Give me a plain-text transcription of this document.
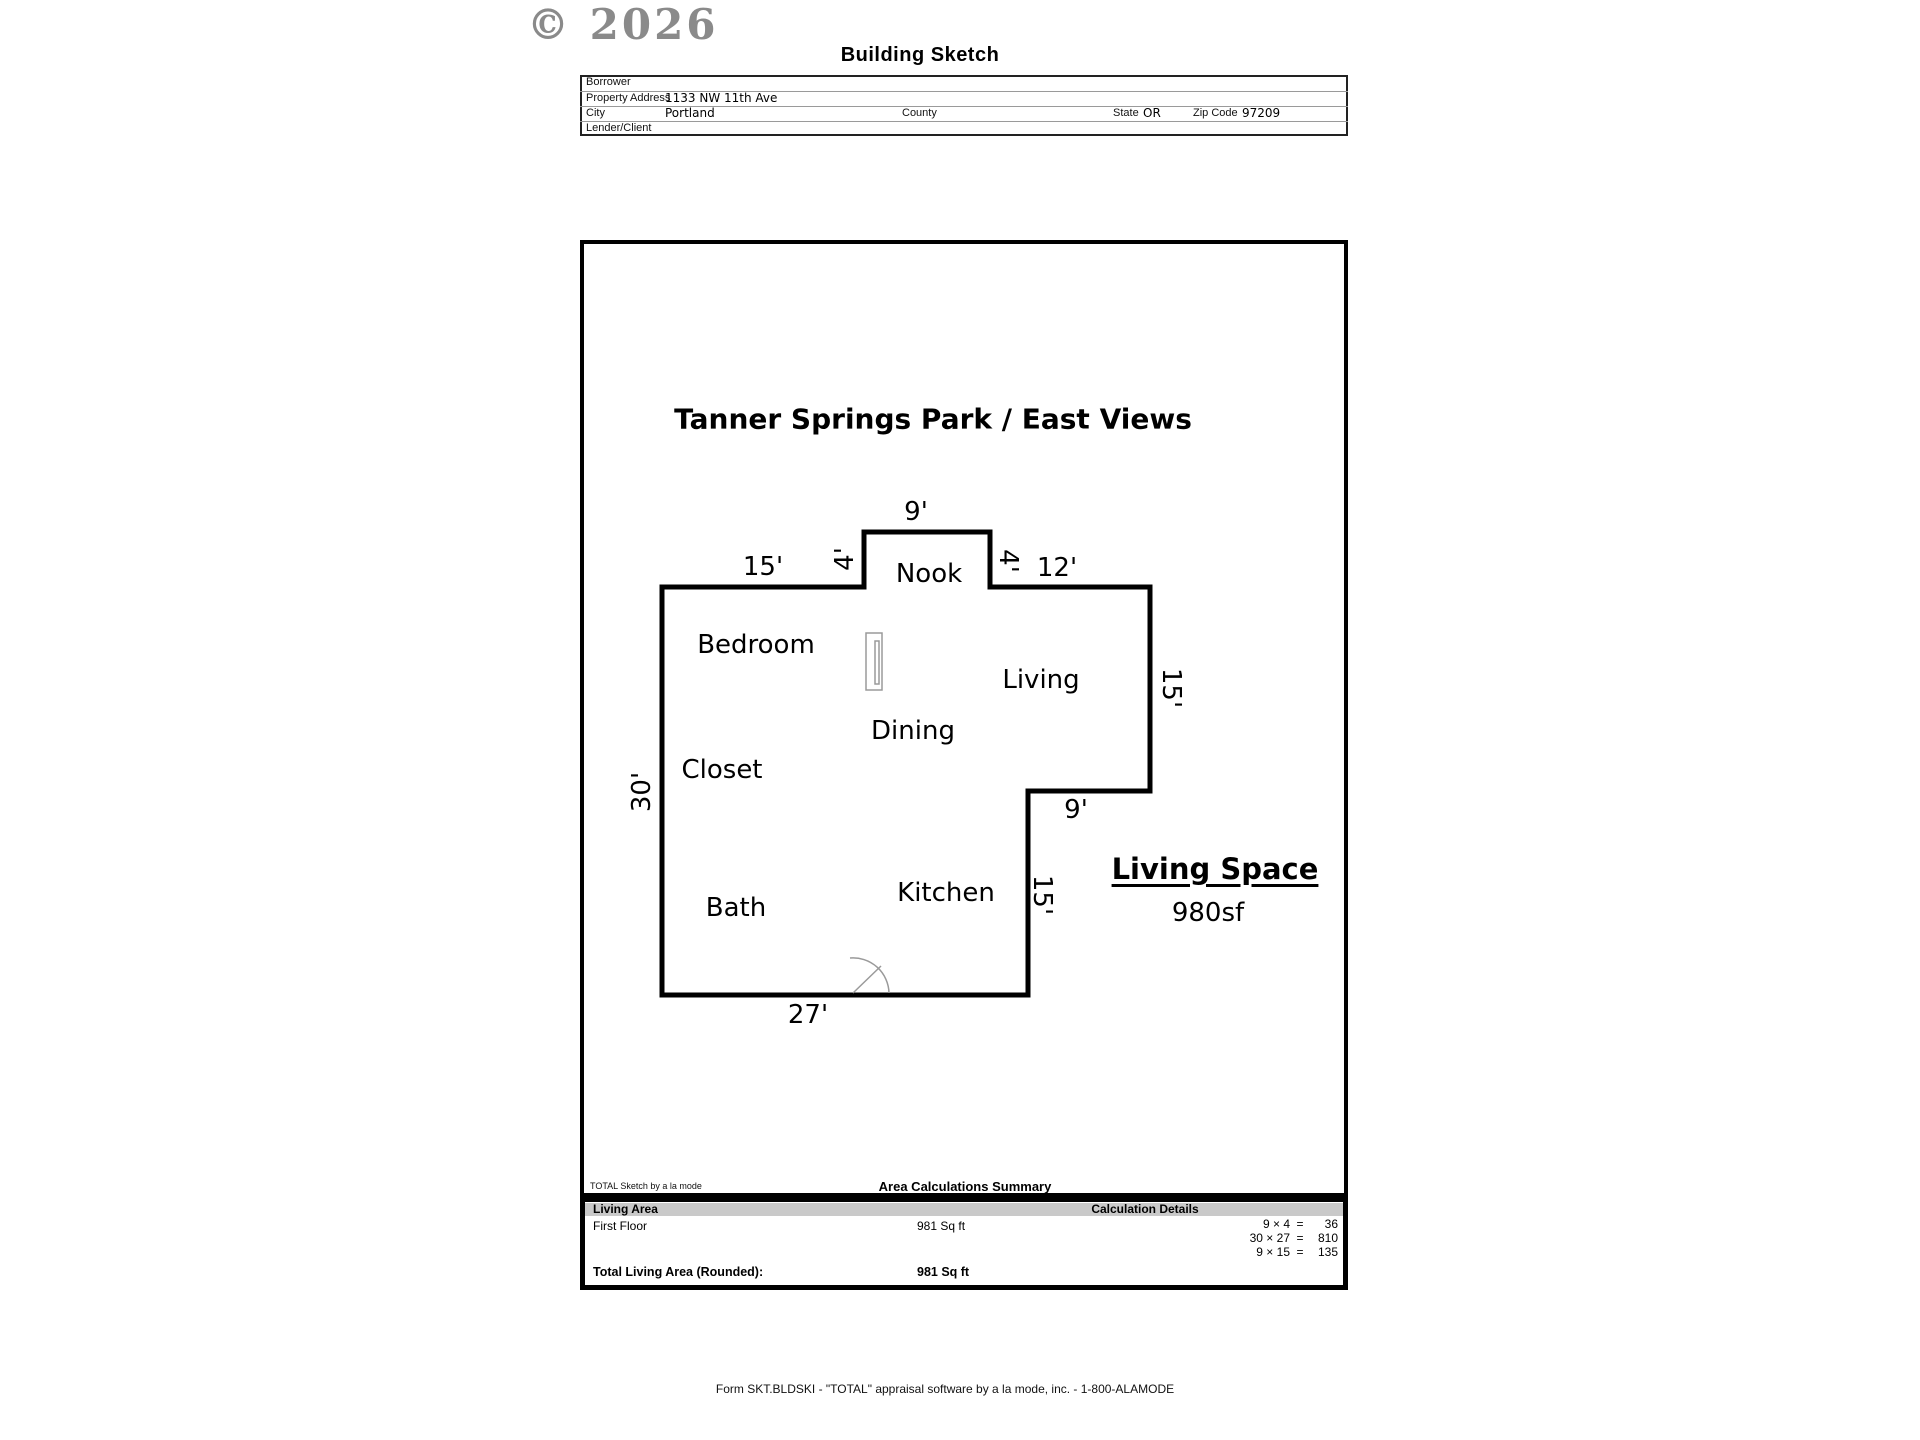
© 2026
Building Sketch
Borrower
Property Address
1133 NW 11th Ave
City	Portland	County	State OR	Zip Code 97209
Lender/Client
Tanner Springs Park / East Views
9'
15' 4'	4' 12'
15'
30'	9'
15'
27'
Nook
Bedroom
Living
Dining
Closet
Kitchen
Bath
Living Space
980sf
TOTAL Sketch by a la mode	Area Calculations Summary
Living Area	Calculation Details
First Floor	981 Sq ft	9 × 4 = 36
30 × 27 = 810
9 × 15 = 135
Total Living Area (Rounded):	981 Sq ft
Form SKT.BLDSKI - "TOTAL" appraisal software by a la mode, inc. - 1-800-ALAMODE
